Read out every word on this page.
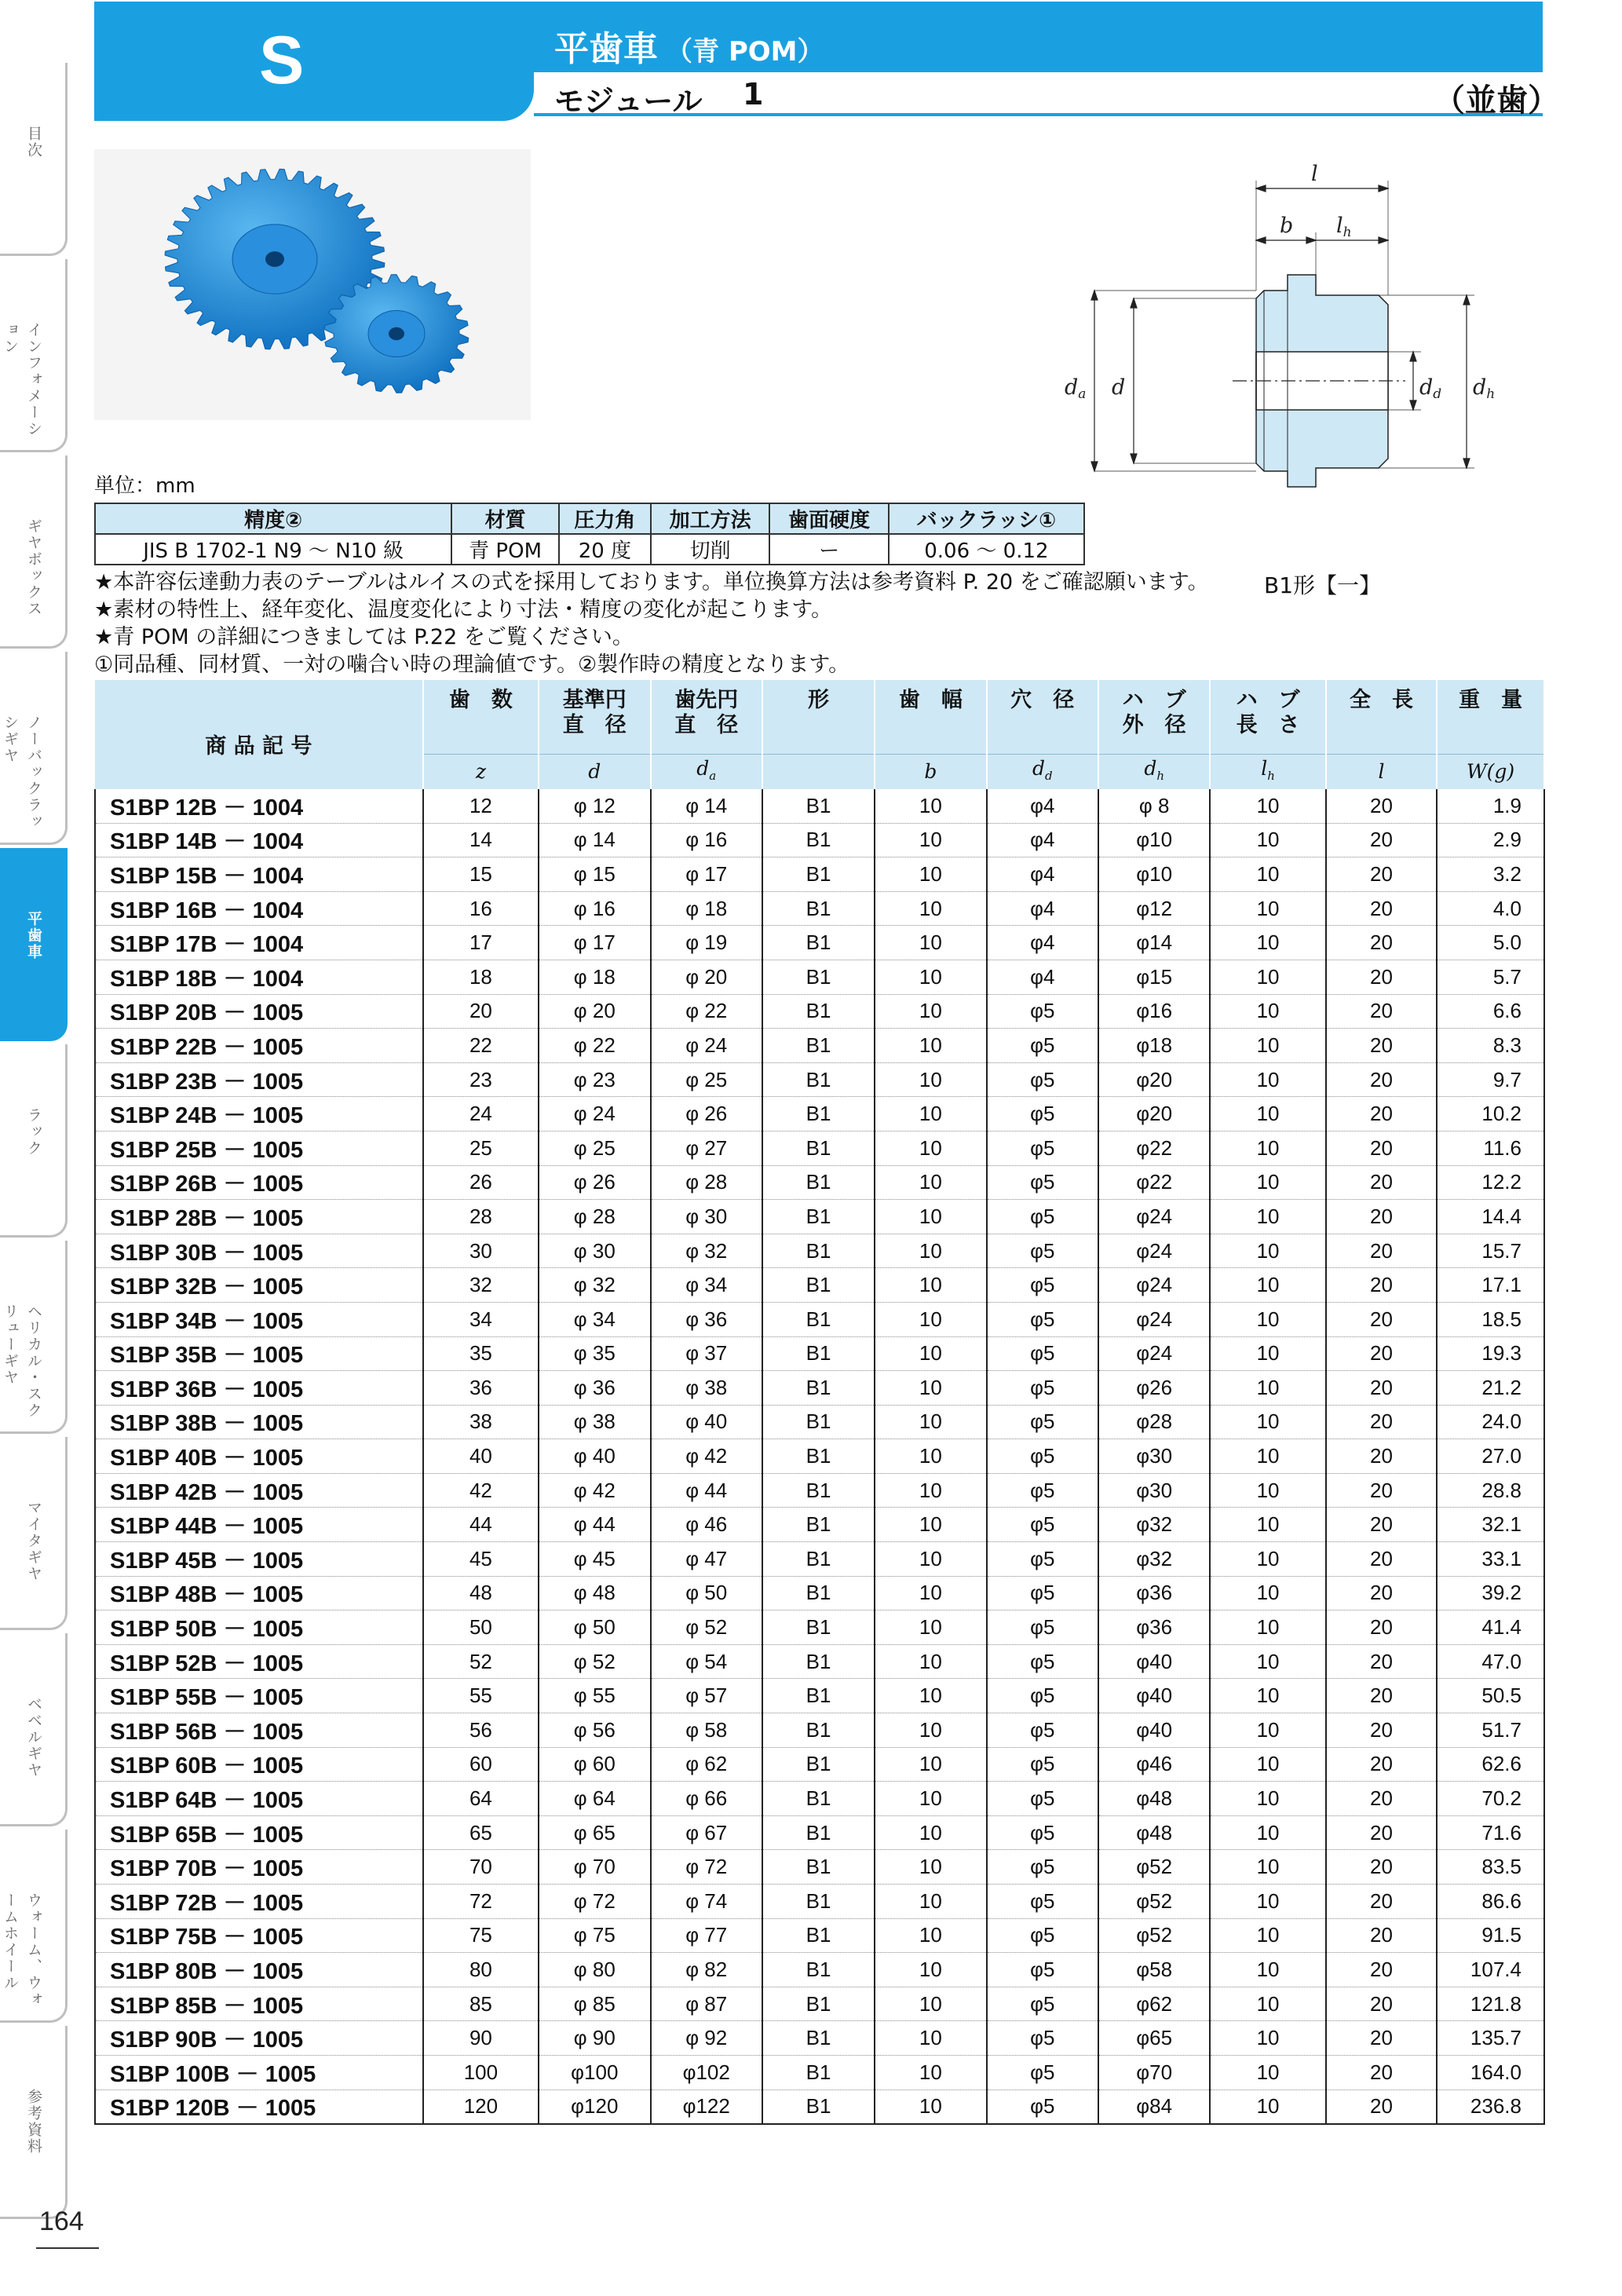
目次
インフォメーション
ギヤボックス
ノーバックラッシギヤ
平歯車
ラック
ヘリカル・スクリューギヤ
マイタギヤ
ベベルギヤ
ウォーム、ウォームホイール
参考資料
164
S	平歯車 （青 POM）
モジュール 1	（並歯）
l
b lh
da d	dd dh
B1形【一】
単位：mm
精度②	材質	圧力角	加工方法	歯面硬度	バックラッシ①
JIS B 1702-1 N9 ～ N10 級	青 POM	20 度	切削	ー	0.06 ～ 0.12
★本許容伝達動力表のテーブルはルイスの式を採用しております。単位換算方法は参考資料 P. 20 をご確認願います。
★素材の特性上、経年変化、温度変化により寸法・精度の変化が起こります。
★青 POM の詳細につきましては P.22 をご覧ください。
①同品種、同材質、一対の噛合い時の理論値です。②製作時の精度となります。
商 品 記 号	歯　数	基準円
直　径	歯先円
直　径	形	歯　幅	穴　径	ハ　ブ
外　径	ハ　ブ
長　さ	全　長	重　量
	z	d	$d_a$		b	$d_d$	$d_h$	$l_h$	l	W(g)
S1BP 12B － 1004	12	φ 12	φ 14	B1	10	φ4	φ 8	10	20	1.9
S1BP 14B － 1004	14	φ 14	φ 16	B1	10	φ4	φ10	10	20	2.9
S1BP 15B － 1004	15	φ 15	φ 17	B1	10	φ4	φ10	10	20	3.2
S1BP 16B － 1004	16	φ 16	φ 18	B1	10	φ4	φ12	10	20	4.0
S1BP 17B － 1004	17	φ 17	φ 19	B1	10	φ4	φ14	10	20	5.0
S1BP 18B － 1004	18	φ 18	φ 20	B1	10	φ4	φ15	10	20	5.7
S1BP 20B － 1005	20	φ 20	φ 22	B1	10	φ5	φ16	10	20	6.6
S1BP 22B － 1005	22	φ 22	φ 24	B1	10	φ5	φ18	10	20	8.3
S1BP 23B － 1005	23	φ 23	φ 25	B1	10	φ5	φ20	10	20	9.7
S1BP 24B － 1005	24	φ 24	φ 26	B1	10	φ5	φ20	10	20	10.2
S1BP 25B － 1005	25	φ 25	φ 27	B1	10	φ5	φ22	10	20	11.6
S1BP 26B － 1005	26	φ 26	φ 28	B1	10	φ5	φ22	10	20	12.2
S1BP 28B － 1005	28	φ 28	φ 30	B1	10	φ5	φ24	10	20	14.4
S1BP 30B － 1005	30	φ 30	φ 32	B1	10	φ5	φ24	10	20	15.7
S1BP 32B － 1005	32	φ 32	φ 34	B1	10	φ5	φ24	10	20	17.1
S1BP 34B － 1005	34	φ 34	φ 36	B1	10	φ5	φ24	10	20	18.5
S1BP 35B － 1005	35	φ 35	φ 37	B1	10	φ5	φ24	10	20	19.3
S1BP 36B － 1005	36	φ 36	φ 38	B1	10	φ5	φ26	10	20	21.2
S1BP 38B － 1005	38	φ 38	φ 40	B1	10	φ5	φ28	10	20	24.0
S1BP 40B － 1005	40	φ 40	φ 42	B1	10	φ5	φ30	10	20	27.0
S1BP 42B － 1005	42	φ 42	φ 44	B1	10	φ5	φ30	10	20	28.8
S1BP 44B － 1005	44	φ 44	φ 46	B1	10	φ5	φ32	10	20	32.1
S1BP 45B － 1005	45	φ 45	φ 47	B1	10	φ5	φ32	10	20	33.1
S1BP 48B － 1005	48	φ 48	φ 50	B1	10	φ5	φ36	10	20	39.2
S1BP 50B － 1005	50	φ 50	φ 52	B1	10	φ5	φ36	10	20	41.4
S1BP 52B － 1005	52	φ 52	φ 54	B1	10	φ5	φ40	10	20	47.0
S1BP 55B － 1005	55	φ 55	φ 57	B1	10	φ5	φ40	10	20	50.5
S1BP 56B － 1005	56	φ 56	φ 58	B1	10	φ5	φ40	10	20	51.7
S1BP 60B － 1005	60	φ 60	φ 62	B1	10	φ5	φ46	10	20	62.6
S1BP 64B － 1005	64	φ 64	φ 66	B1	10	φ5	φ48	10	20	70.2
S1BP 65B － 1005	65	φ 65	φ 67	B1	10	φ5	φ48	10	20	71.6
S1BP 70B － 1005	70	φ 70	φ 72	B1	10	φ5	φ52	10	20	83.5
S1BP 72B － 1005	72	φ 72	φ 74	B1	10	φ5	φ52	10	20	86.6
S1BP 75B － 1005	75	φ 75	φ 77	B1	10	φ5	φ52	10	20	91.5
S1BP 80B － 1005	80	φ 80	φ 82	B1	10	φ5	φ58	10	20	107.4
S1BP 85B － 1005	85	φ 85	φ 87	B1	10	φ5	φ62	10	20	121.8
S1BP 90B － 1005	90	φ 90	φ 92	B1	10	φ5	φ65	10	20	135.7
S1BP 100B － 1005	100	φ100	φ102	B1	10	φ5	φ70	10	20	164.0
S1BP 120B － 1005	120	φ120	φ122	B1	10	φ5	φ84	10	20	236.8
